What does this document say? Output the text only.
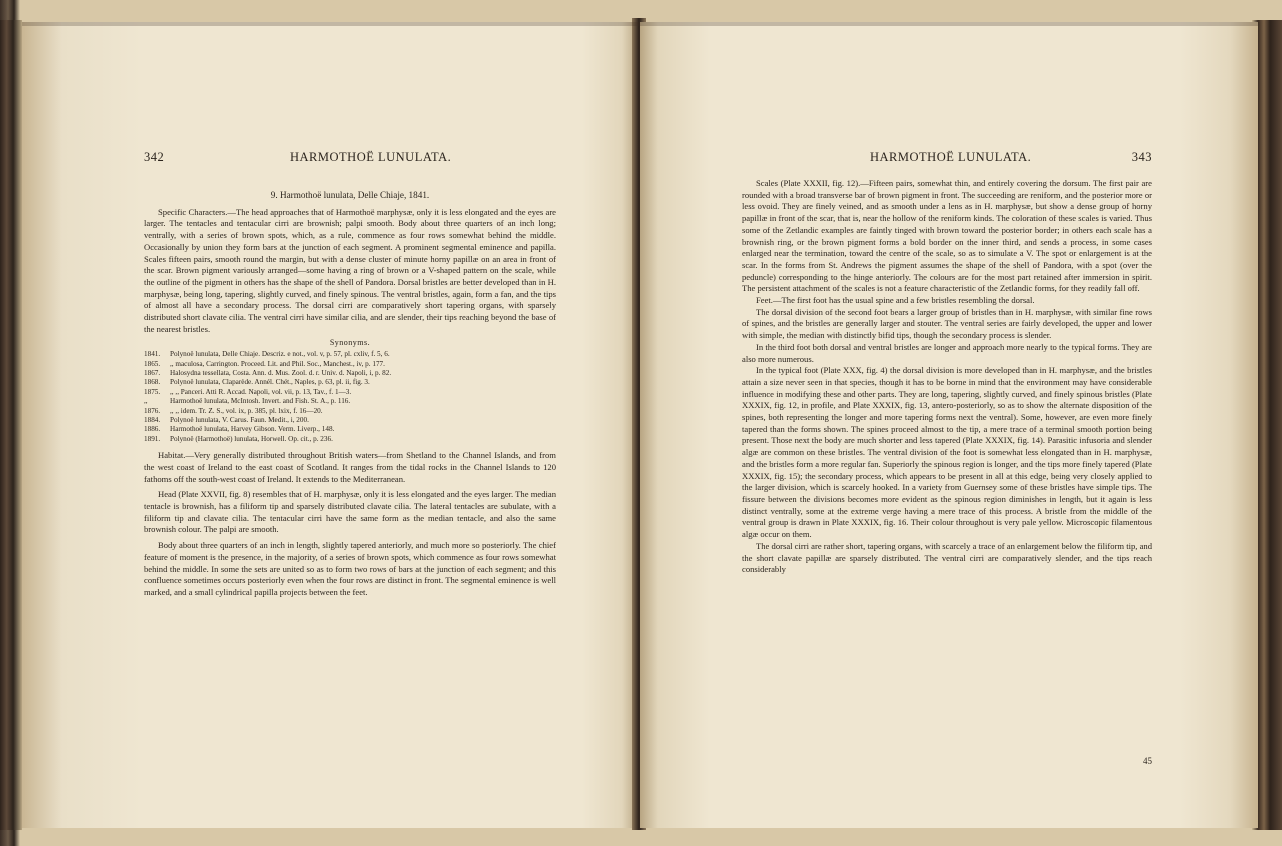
342	HARMOTHOË LUNULATA.

9. Harmothoë lunulata, Delle Chiaje, 1841.

Specific Characters.—The head approaches that of Harmothoë marphysæ, only it is less elongated and the eyes are larger. The tentacles and tentacular cirri are brownish; palpi smooth. Body about three quarters of an inch long; ventrally, with a series of brown spots, which, as a rule, commence as four rows somewhat behind the middle. Occasionally by union they form bars at the junction of each segment. A prominent segmental eminence and papilla. Scales fifteen pairs, smooth round the margin, but with a dense cluster of minute horny papillæ on an area in front of the scar. Brown pigment variously arranged—some having a ring of brown or a V-shaped pattern on the scale, while the outline of the pigment in others has the shape of the shell of Pandora. Dorsal bristles are better developed than in H. marphysæ, being long, tapering, slightly curved, and finely spinous. The ventral bristles, again, form a fan, and the tips of almost all have a secondary process. The dorsal cirri are comparatively short tapering organs, with sparsely distributed short clavate cilia. The ventral cirri have similar cilia, and are slender, their tips reaching beyond the base of the nearest bristles.

Synonyms.

1841. Polynoë lunulata, Delle Chiaje. Descriz. e not., vol. v, p. 57, pl. cxliv, f. 5, 6.
1865. ,, maculosa, Carrington. Proceed. Lit. and Phil. Soc., Manchest., iv, p. 177.
1867. Halosydna tessellata, Costa. Ann. d. Mus. Zool. d. r. Univ. d. Napoli, i, p. 82.
1868. Polynoë lunulata, Claparède. Annél. Chét., Naples, p. 63, pl. ii, fig. 3.
1875. ,, ,, Panceri. Atti R. Accad. Napoli, vol. vii, p. 13, Tav., f. 1—3.
,,	Harmothoë lunulata, McIntosh. Invert. and Fish. St. A., p. 116.
1876. ,, ,, idem. Tr. Z. S., vol. ix, p. 385, pl. lxix, f. 16—20.
1884. Polynoë lunulata, V. Carus. Faun. Medit., i, 200.
1886. Harmothoë lunulata, Harvey Gibson. Verm. Liverp., 148.
1891. Polynoë (Harmothoë) lunulata, Horwell. Op. cit., p. 236.

Habitat.—Very generally distributed throughout British waters—from Shetland to the Channel Islands, and from the west coast of Ireland to the east coast of Scotland. It ranges from the tidal rocks in the Channel Islands to 120 fathoms off the south-west coast of Ireland. It extends to the Mediterranean.

Head (Plate XXVII, fig. 8) resembles that of H. marphysæ, only it is less elongated and the eyes larger. The median tentacle is brownish, has a filiform tip and sparsely distributed clavate cilia. The lateral tentacles are subulate, with a filiform tip and clavate cilia. The tentacular cirri have the same form as the median tentacle, and also the same brownish colour. The palpi are smooth.

Body about three quarters of an inch in length, slightly tapered anteriorly, and much more so posteriorly. The chief feature of moment is the presence, in the majority, of a series of brown spots, which commence as four rows somewhat behind the middle. In some the sets are united so as to form two rows of bars at the junction of each segment; and this confluence sometimes occurs posteriorly even when the four rows are distinct in front. The segmental eminence is well marked, and a small cylindrical papilla projects between the feet.

HARMOTHOË LUNULATA.	343

Scales (Plate XXXII, fig. 12).—Fifteen pairs, somewhat thin, and entirely covering the dorsum. The first pair are rounded with a broad transverse bar of brown pigment in front. The succeeding are reniform, and the posterior more or less ovoid. They are finely veined, and as smooth under a lens as in H. marphysæ, but show a dense group of horny papillæ in front of the scar, that is, near the hollow of the reniform kinds. The coloration of these scales is varied. Thus some of the Zetlandic examples are faintly tinged with brown toward the posterior border; in others each scale has a brownish ring, or the brown pigment forms a bold border on the inner third, and sends a process, in some cases enlarged near the termination, toward the centre of the scale, so as to simulate a V. The spot or enlargement is at the scar. In the forms from St. Andrews the pigment assumes the shape of the shell of Pandora, with a spot (over the peduncle) corresponding to the hinge anteriorly. The colours are for the most part retained after immersion in spirit. The persistent attachment of the scales is not a feature characteristic of the Zetlandic forms, for they readily fall off.

Feet.—The first foot has the usual spine and a few bristles resembling the dorsal.

The dorsal division of the second foot bears a larger group of bristles than in H. marphysæ, with similar fine rows of spines, and the bristles are generally larger and stouter. The ventral series are fairly developed, the upper and lower with simple, the median with distinctly bifid tips, though the secondary process is slender.

In the third foot both dorsal and ventral bristles are longer and approach more nearly to the typical forms. They are also more numerous.

In the typical foot (Plate XXX, fig. 4) the dorsal division is more developed than in H. marphysæ, and the bristles attain a size never seen in that species, though it has to be borne in mind that the environment may have considerable influence in modifying these and other parts. They are long, tapering, slightly curved, and finely spinous bristles (Plate XXXIX, fig. 12, in profile, and Plate XXXIX, fig. 13, antero-posteriorly, so as to show the alternate disposition of the spines, both representing the longer and more tapering forms next the ventral). Some, however, are even more finely tapered than the forms shown. The spines proceed almost to the tip, a mere trace of a terminal smooth portion being present. Those next the body are much shorter and less tapered (Plate XXXIX, fig. 14). Parasitic infusoria and slender algæ are common on these bristles. The ventral division of the foot is somewhat less elongated than in H. marphysæ, and the bristles form a more regular fan. Superiorly the spinous region is longer, and the tips more finely tapered (Plate XXXIX, fig. 15); the secondary process, which appears to be present in all at this edge, being very closely applied to the larger division, which is scarcely hooked. In a variety from Guernsey some of these bristles have simple tips. The fissure between the divisions becomes more evident as the spinous region diminishes in length, but it again is less distinct ventrally, some at the extreme verge having a mere trace of this process. A bristle from the middle of the ventral group is drawn in Plate XXXIX, fig. 16. Their colour throughout is very pale yellow. Microscopic filamentous algæ occur on them.

The dorsal cirri are rather short, tapering organs, with scarcely a trace of an enlargement below the filiform tip, and the short clavate papillæ are sparsely distributed. The ventral cirri are comparatively slender, and the tips reach considerably

45
